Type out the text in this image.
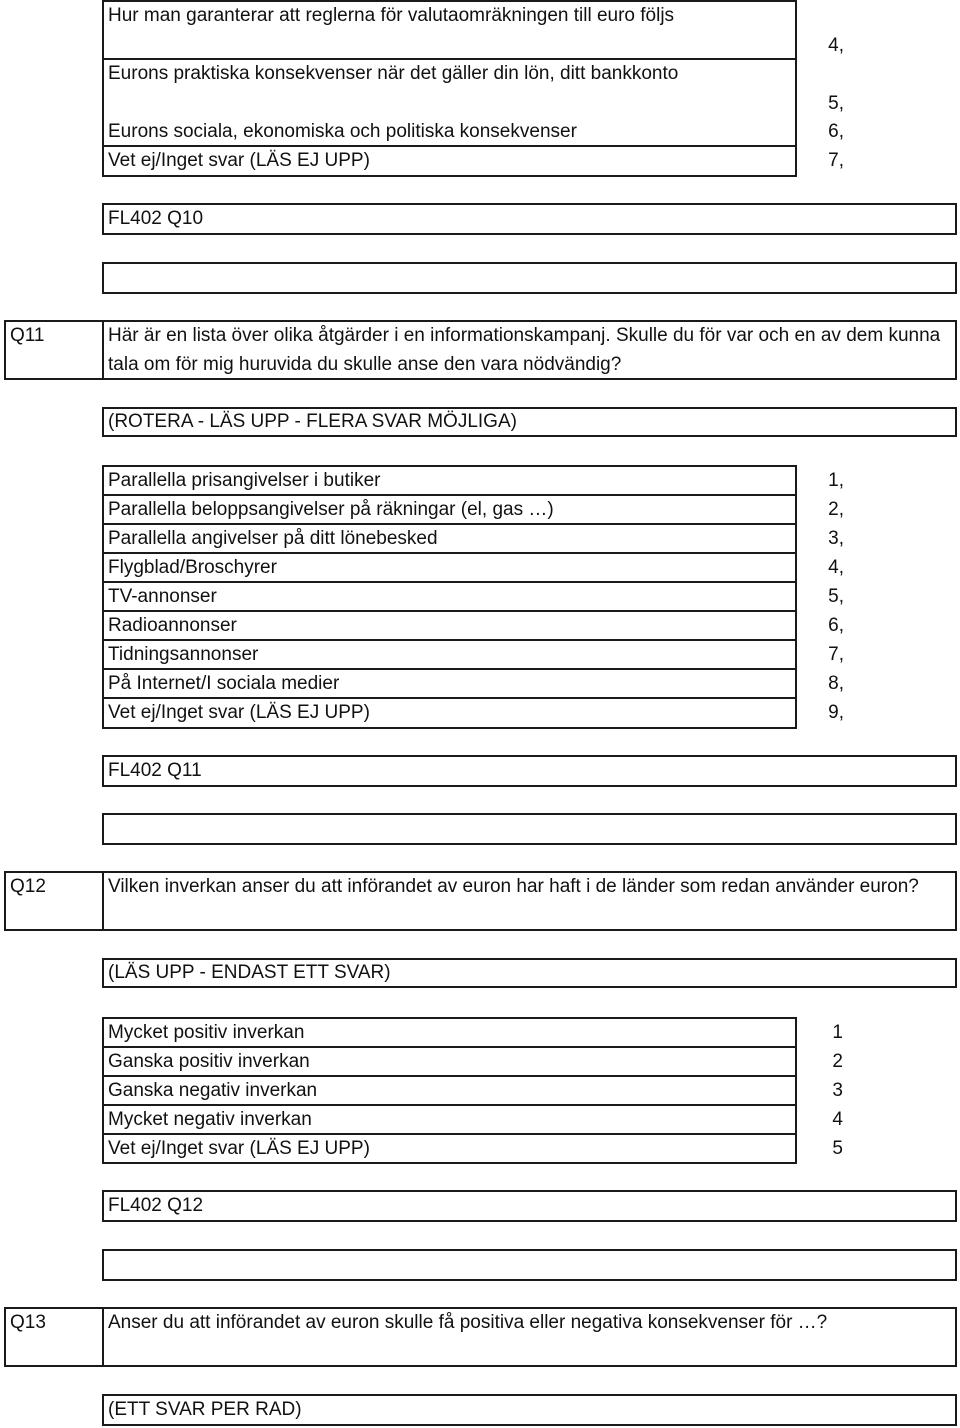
Hur man garanterar att reglerna för valutaomräkningen till euro följs
4,
Eurons praktiska konsekvenser när det gäller din lön, ditt bankkonto
5,
Eurons sociala, ekonomiska och politiska konsekvenser	6,
Vet ej/Inget svar (LÄS EJ UPP)	7,
FL402 Q10
Q11	Här är en lista över olika åtgärder i en informationskampanj. Skulle du för var och en av dem kunna tala om för mig huruvida du skulle anse den vara nödvändig?
(ROTERA - LÄS UPP - FLERA SVAR MÖJLIGA)
Parallella prisangivelser i butiker	1,
Parallella beloppsangivelser på räkningar (el, gas …)	2,
Parallella angivelser på ditt lönebesked	3,
Flygblad/Broschyrer	4,
TV-annonser	5,
Radioannonser	6,
Tidningsannonser	7,
På Internet/I sociala medier	8,
Vet ej/Inget svar (LÄS EJ UPP)	9,
FL402 Q11
Q12	Vilken inverkan anser du att införandet av euron har haft i de länder som redan använder euron?
(LÄS UPP - ENDAST ETT SVAR)
Mycket positiv inverkan	1
Ganska positiv inverkan	2
Ganska negativ inverkan	3
Mycket negativ inverkan	4
Vet ej/Inget svar (LÄS EJ UPP)	5
FL402 Q12
Q13	Anser du att införandet av euron skulle få positiva eller negativa konsekvenser för …?
(ETT SVAR PER RAD)
